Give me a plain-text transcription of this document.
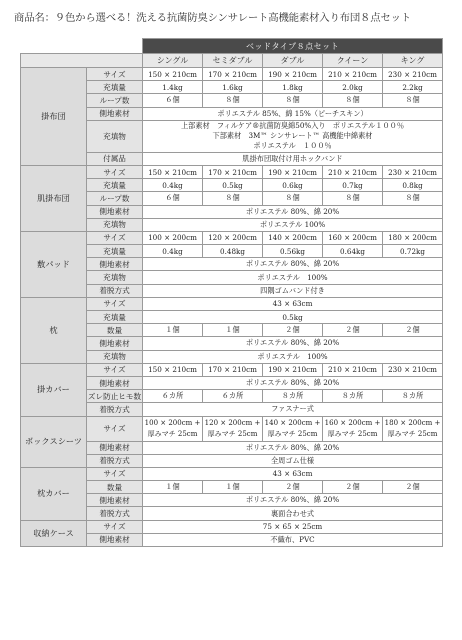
商品名：９色から選べる！洗える抗菌防臭シンサレート高機能素材入り布団８点セット
		ベッドタイプ８点セット				
		シングル	セミダブル	ダブル	クイーン	キング
掛布団	サイズ	150 × 210cm	170 × 210cm	190 × 210cm	210 × 210cm	230 × 210cm
	充填量	1.4kg	1.6kg	1.8kg	2.0kg	2.2kg
	ループ数	６個	８個	８個	８個	８個
	側地素材	ポリエステル 85%、綿 15%（ピーチスキン）				
	充填物	上部素材　フィルケア®抗菌防臭綿50%入り　ポリエステル１００％
下部素材　3M™ シンサレート™ 高機能中綿素材
ポリエステル　１００％				

	付属品	肌掛布団取付け用ホックバンド				
肌掛布団	サイズ	150 × 210cm	170 × 210cm	190 × 210cm	210 × 210cm	230 × 210cm
	充填量	0.4kg	0.5kg	0.6kg	0.7kg	0.8kg
	ループ数	６個	８個	８個	８個	８個
	側地素材	ポリエステル 80%、綿 20%				
	充填物	ポリエステル 100%				
敷パッド	サイズ	100 × 200cm	120 × 200cm	140 × 200cm	160 × 200cm	180 × 200cm
	充填量	0.4kg	0.48kg	0.56kg	0.64kg	0.72kg
	側地素材	ポリエステル 80%、綿 20%				
	充填物	ポリエステル　100%				
	着脱方式	四隅ゴムバンド付き				
枕	サイズ	43 × 63cm				
	充填量	0.5kg				
	数量	１個	１個	２個	２個	２個
	側地素材	ポリエステル 80%、綿 20%				
	充填物	ポリエステル　100%				
掛カバー	サイズ	150 × 210cm	170 × 210cm	190 × 210cm	210 × 210cm	230 × 210cm
	側地素材	ポリエステル 80%、綿 20%				
	ズレ防止ヒモ数	６カ所	６カ所	８カ所	８カ所	８カ所
	着脱方式	ファスナー式				
ボックスシーツ	サイズ	100 × 200cm + 厚みマチ 25cm	120 × 200cm + 厚みマチ 25cm	140 × 200cm + 厚みマチ 25cm	160 × 200cm + 厚みマチ 25cm	180 × 200cm + 厚みマチ 25cm
	側地素材	ポリエステル 80%、綿 20%				
	着脱方式	全周ゴム仕様				
枕カバー	サイズ	43 × 63cm				
	数量	１個	１個	２個	２個	２個
	側地素材	ポリエステル 80%、綿 20%				
	着脱方式	裏面合わせ式				
収納ケース	サイズ	75 × 65 × 25cm				
	側地素材	不織布、PVC				
